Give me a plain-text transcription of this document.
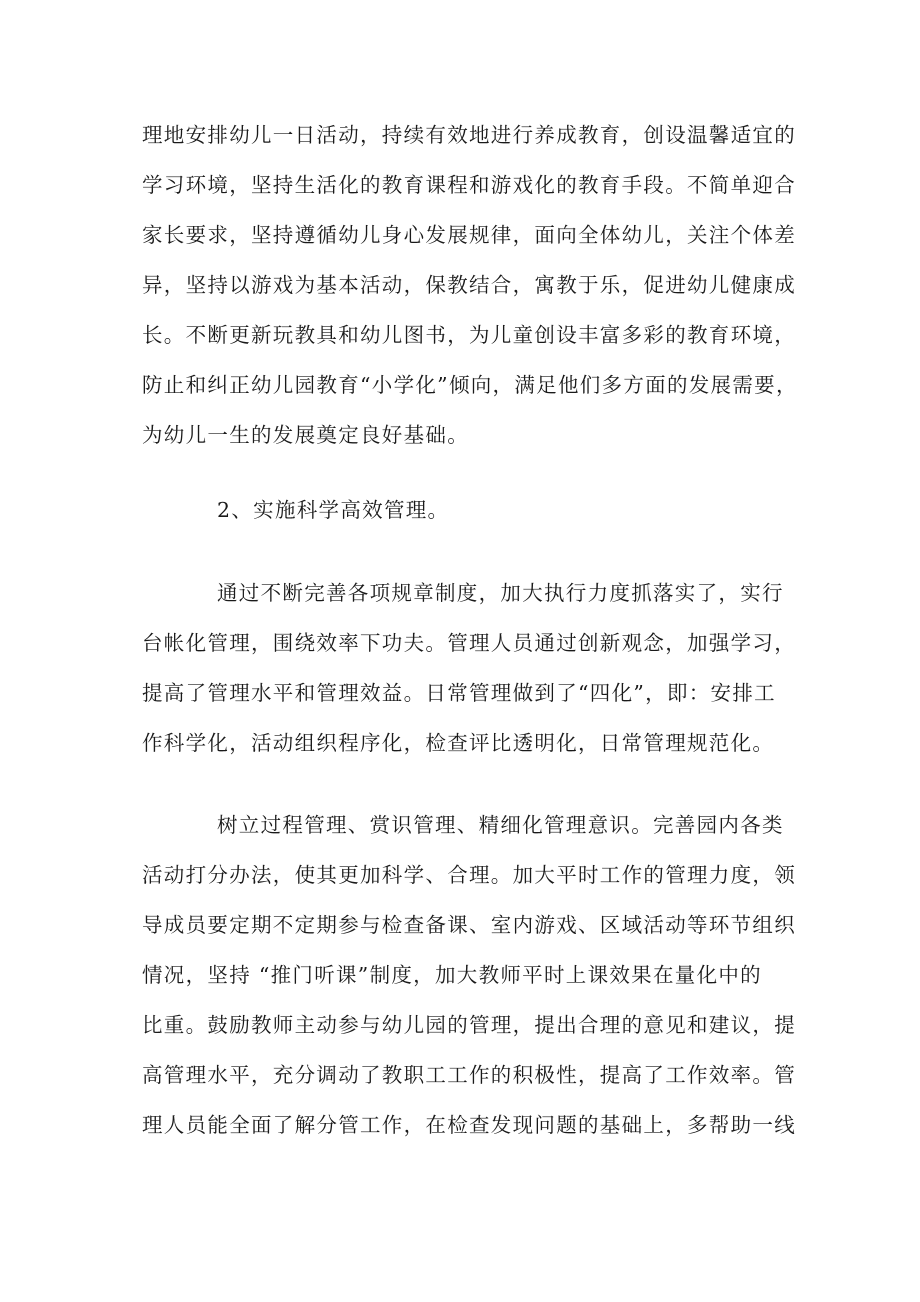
理地安排幼儿一日活动，持续有效地进行养成教育，创设温馨适宜的
学习环境，坚持生活化的教育课程和游戏化的教育手段。不简单迎合
家长要求，坚持遵循幼儿身心发展规律，面向全体幼儿，关注个体差
异，坚持以游戏为基本活动，保教结合，寓教于乐，促进幼儿健康成
长。不断更新玩教具和幼儿图书，为儿童创设丰富多彩的教育环境，
防止和纠正幼儿园教育“小学化”倾向，满足他们多方面的发展需要，
为幼儿一生的发展奠定良好基础。
2、实施科学高效管理。
通过不断完善各项规章制度，加大执行力度抓落实了，实行
台帐化管理，围绕效率下功夫。管理人员通过创新观念，加强学习，
提高了管理水平和管理效益。日常管理做到了“四化”，即：安排工
作科学化，活动组织程序化，检查评比透明化，日常管理规范化。
树立过程管理、赏识管理、精细化管理意识。完善园内各类
活动打分办法，使其更加科学、合理。加大平时工作的管理力度，领
导成员要定期不定期参与检查备课、室内游戏、区域活动等环节组织
情况，坚持 “推门听课”制度，加大教师平时上课效果在量化中的
比重。鼓励教师主动参与幼儿园的管理，提出合理的意见和建议，提
高管理水平，充分调动了教职工工作的积极性，提高了工作效率。管
理人员能全面了解分管工作，在检查发现问题的基础上，多帮助一线
